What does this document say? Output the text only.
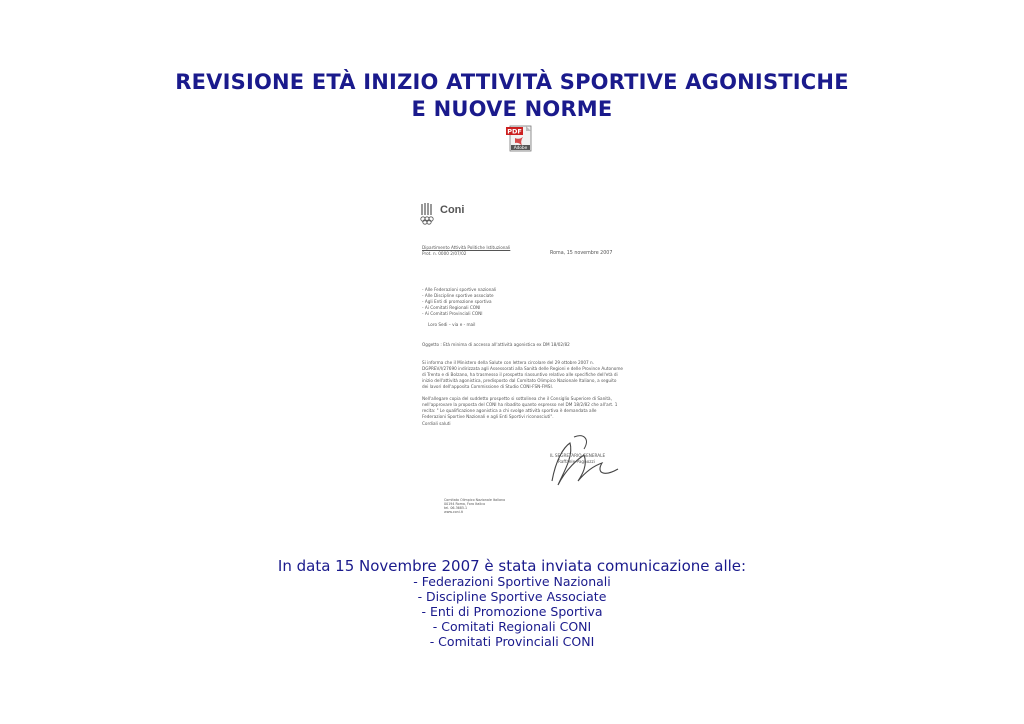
REVISIONE ETÀ INIZIO ATTIVITÀ SPORTIVE AGONISTICHE
E NUOVE NORME
PDF
Adobe
Coni
Dipartimento Attività Politiche Istituzionali
Prot. n. 0000 2/07/02	Roma, 15 novembre 2007
- Alle Federazioni sportive nazionali
- Alle Discipline sportive associate
- Agli Enti di promozione sportiva
- Ai Comitati Regionali CONI
- Ai Comitati Provinciali CONI
Loro Sedi – via e - mail
Oggetto : Età minima di accesso all'attività agonistica ex DM 18/02/82
Si informa che il Ministero della Salute con lettera circolare del 29 ottobre 2007 n.
DGPREV/I/27690 indirizzata agli Assessorati alla Sanità delle Regioni e delle Province Autonome
di Trento e di Bolzano, ha trasmesso il prospetto riassuntivo relativo alle specifiche dell'età di
inizio dell'attività agonistica, predisposto dal Comitato Olimpico Nazionale Italiano, a seguito
dei lavori dell'apposita Commissione di Studio CONI-FSN-FMSI.
Nell'allegare copia del suddetto prospetto si sottolinea che il Consiglio Superiore di Sanità,
nell'approvare la proposta del CONI ha ribadito quanto espresso nel DM 18/2/82 che all'art. 1
recita: " Le qualificazione agonistica a chi svolge attività sportiva è demandata alle
Federazioni Sportive Nazionali e agli Enti Sportivi riconosciuti".
Cordiali saluti
IL SEGRETARIO GENERALE
Raffaele Pagnozzi
Comitato Olimpico Nazionale Italiano
00194 Roma, Foro Italico
tel. 06.3685.1
www.coni.it
In data 15 Novembre 2007 è stata inviata comunicazione alle:
- Federazioni Sportive Nazionali
- Discipline Sportive Associate
- Enti di Promozione Sportiva
- Comitati Regionali CONI
- Comitati Provinciali CONI
